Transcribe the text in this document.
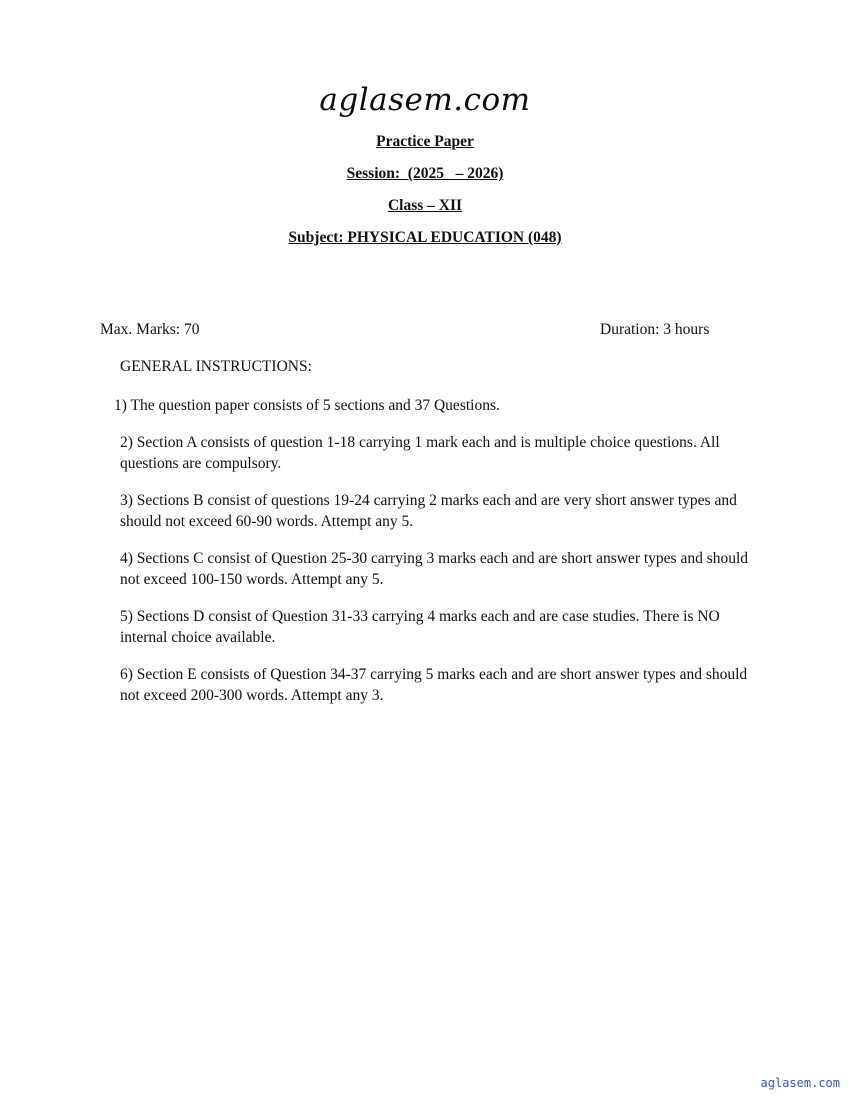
aglasem.com
Practice Paper
Session:  (2025   – 2026)
Class – XII
Subject: PHYSICAL EDUCATION (048)
Max. Marks: 70	Duration: 3 hours
GENERAL INSTRUCTIONS:
1) The question paper consists of 5 sections and 37 Questions.
2) Section A consists of question 1-18 carrying 1 mark each and is multiple choice questions. All questions are compulsory.
3) Sections B consist of questions 19-24 carrying 2 marks each and are very short answer types and should not exceed 60-90 words. Attempt any 5.
4) Sections C consist of Question 25-30 carrying 3 marks each and are short answer types and should not exceed 100-150 words. Attempt any 5.
5) Sections D consist of Question 31-33 carrying 4 marks each and are case studies. There is NO internal choice available.
6) Section E consists of Question 34-37 carrying 5 marks each and are short answer types and should not exceed 200-300 words. Attempt any 3.
aglasem.com
